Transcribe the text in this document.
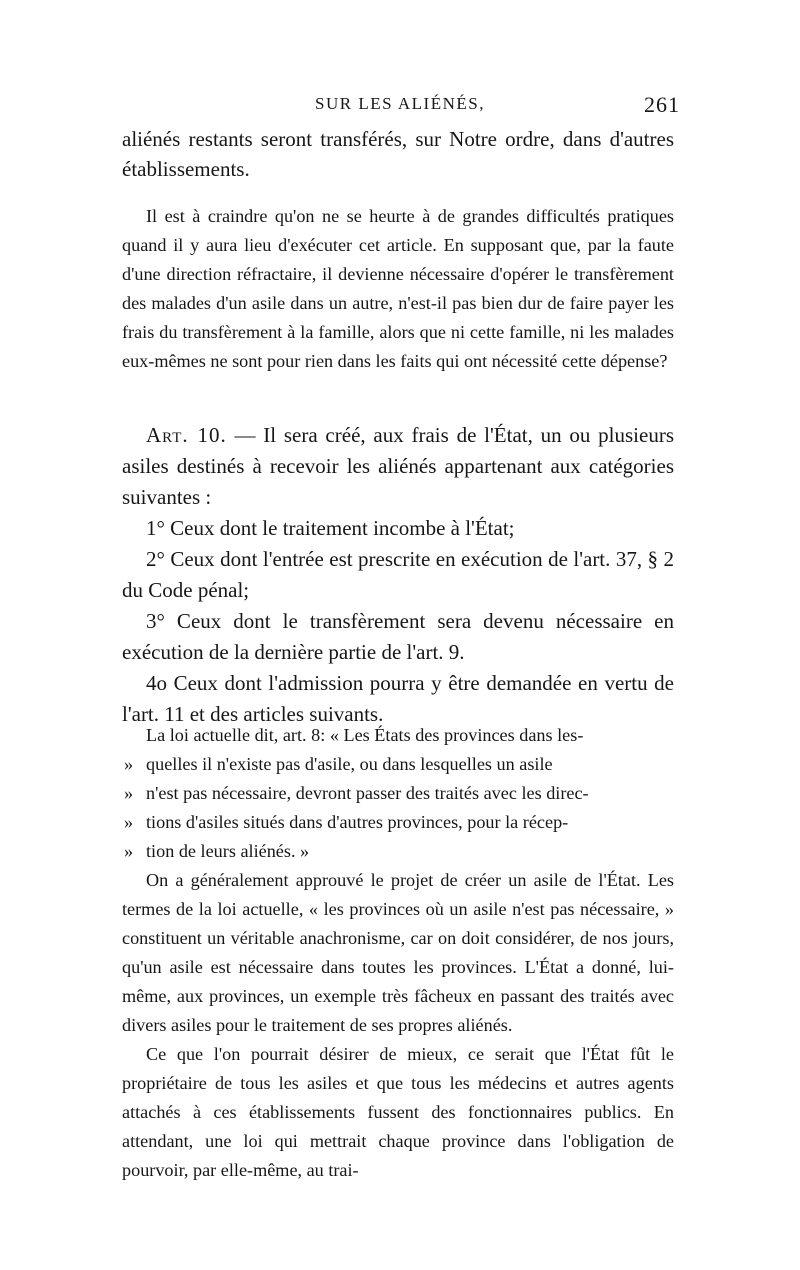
SUR LES ALIÉNÉS,	261
aliénés restants seront transférés, sur Notre ordre, dans d'autres établissements.

Il est à craindre qu'on ne se heurte à de grandes difficultés pratiques quand il y aura lieu d'exécuter cet article. En supposant que, par la faute d'une direction réfractaire, il devienne nécessaire d'opérer le transfèrement des malades d'un asile dans un autre, n'est-il pas bien dur de faire payer les frais du transfèrement à la famille, alors que ni cette famille, ni les malades eux-mêmes ne sont pour rien dans les faits qui ont nécessité cette dépense?

Art. 10. — Il sera créé, aux frais de l'État, un ou plusieurs asiles destinés à recevoir les aliénés appartenant aux catégories suivantes :

1° Ceux dont le traitement incombe à l'État;

2° Ceux dont l'entrée est prescrite en exécution de l'art. 37, § 2 du Code pénal;

3° Ceux dont le transfèrement sera devenu nécessaire en exécution de la dernière partie de l'art. 9.

4o Ceux dont l'admission pourra y être demandée en vertu de l'art. 11 et des articles suivants.

La loi actuelle dit, art. 8: « Les États des provinces dans les-
» quelles il n'existe pas d'asile, ou dans lesquelles un asile
» n'est pas nécessaire, devront passer des traités avec les direc-
» tions d'asiles situés dans d'autres provinces, pour la récep-
» tion de leurs aliénés. »

On a généralement approuvé le projet de créer un asile de l'État. Les termes de la loi actuelle, « les provinces où un asile n'est pas nécessaire, » constituent un véritable anachronisme, car on doit considérer, de nos jours, qu'un asile est nécessaire dans toutes les provinces. L'État a donné, lui-même, aux provinces, un exemple très fâcheux en passant des traités avec divers asiles pour le traitement de ses propres aliénés.

Ce que l'on pourrait désirer de mieux, ce serait que l'État fût le propriétaire de tous les asiles et que tous les médecins et autres agents attachés à ces établissements fussent des fonctionnaires publics. En attendant, une loi qui mettrait chaque province dans l'obligation de pourvoir, par elle-même, au trai-
